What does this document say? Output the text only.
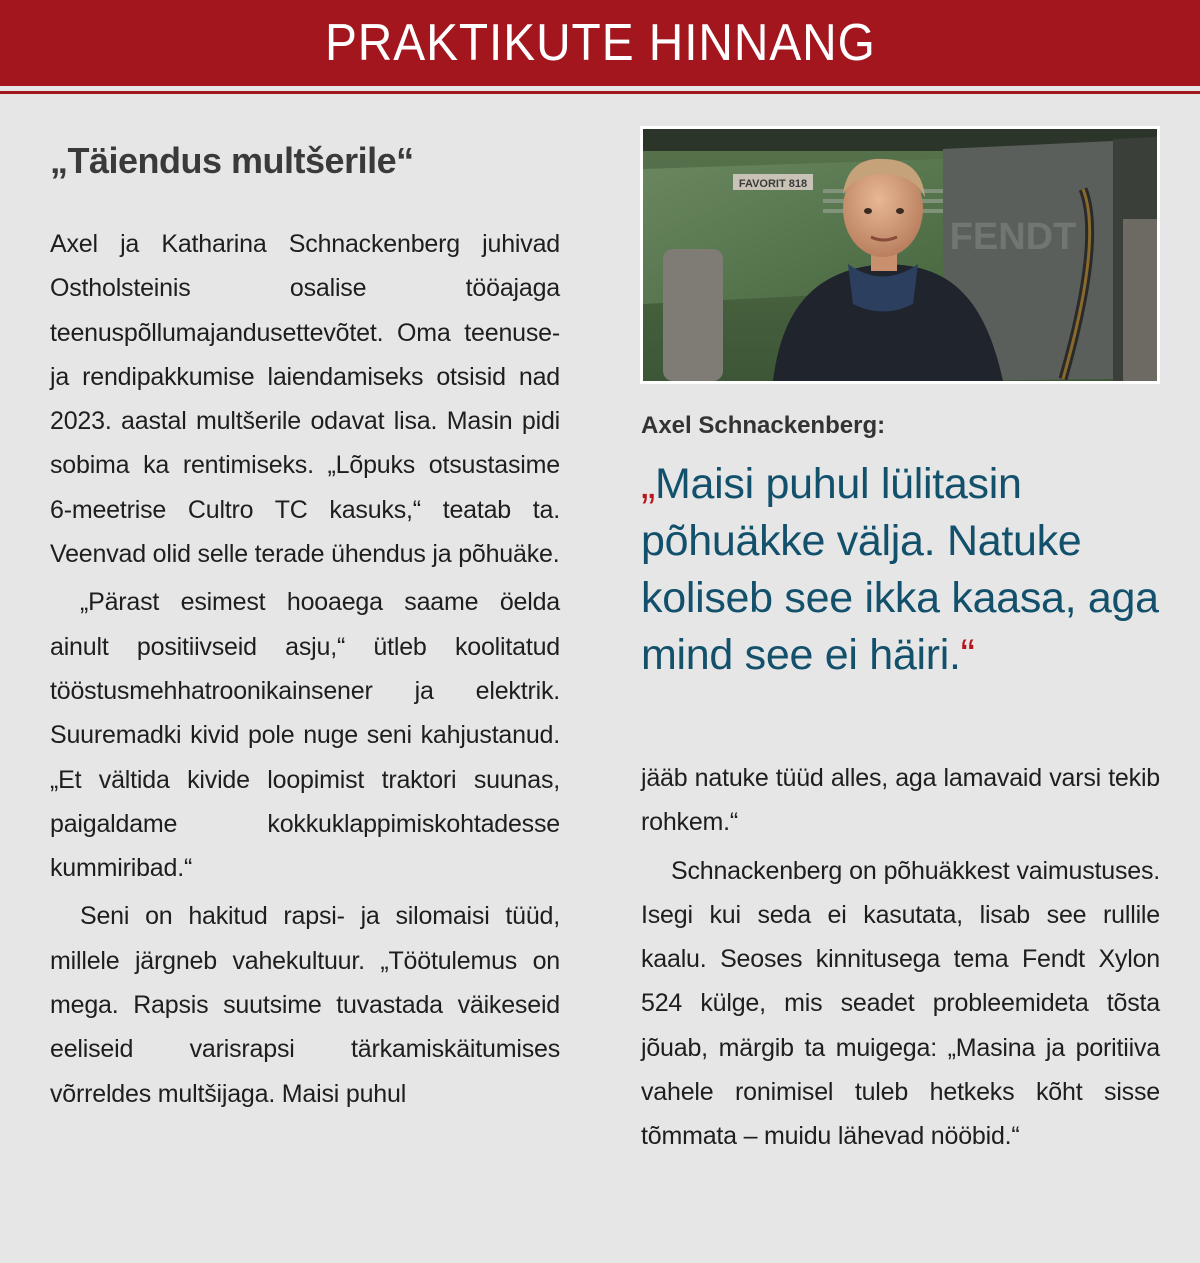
PRAKTIKUTE HINNANG
„Täiendus multšerile“

Axel ja Katharina Schnackenberg juhivad Ostholsteinis osalise tööajaga teenuspõllumajandusettevõtet. Oma teenuse- ja rendipakkumise laiendamiseks otsisid nad 2023. aastal multšerile odavat lisa. Masin pidi sobima ka rentimiseks. „Lõpuks otsustasime 6-meetrise Cultro TC kasuks,“ teatab ta. Veenvad olid selle terade ühendus ja põhuäke.

„Pärast esimest hooaega saame öelda ainult positiivseid asju,“ ütleb koolitatud tööstusmehhatroonikainsener ja elektrik. Suuremadki kivid pole nuge seni kahjustanud. „Et vältida kivide loopimist traktori suunas, paigaldame kokkuklappimiskohtadesse kummiribad.“

Seni on hakitud rapsi- ja silomaisi tüüd, millele järgneb vahekultuur. „Töötulemus on mega. Rapsis suutsime tuvastada väikeseid eeliseid varisrapsi tärkamiskäitumises võrreldes multšijaga. Maisi puhul

FAVORIT 818
FENDT
Axel Schnackenberg:
„Maisi puhul lülitasin põhuäkke välja. Natuke koliseb see ikka kaasa, aga mind see ei häiri.“

jääb natuke tüüd alles, aga lamavaid varsi tekib rohkem.“

Schnackenberg on põhuäkkest vaimustuses. Isegi kui seda ei kasutata, lisab see rullile kaalu. Seoses kinnitusega tema Fendt Xylon 524 külge, mis seadet probleemideta tõsta jõuab, märgib ta muigega: „Masina ja poritiiva vahele ronimisel tuleb hetkeks kõht sisse tõmmata – muidu lähevad nööbid.“
